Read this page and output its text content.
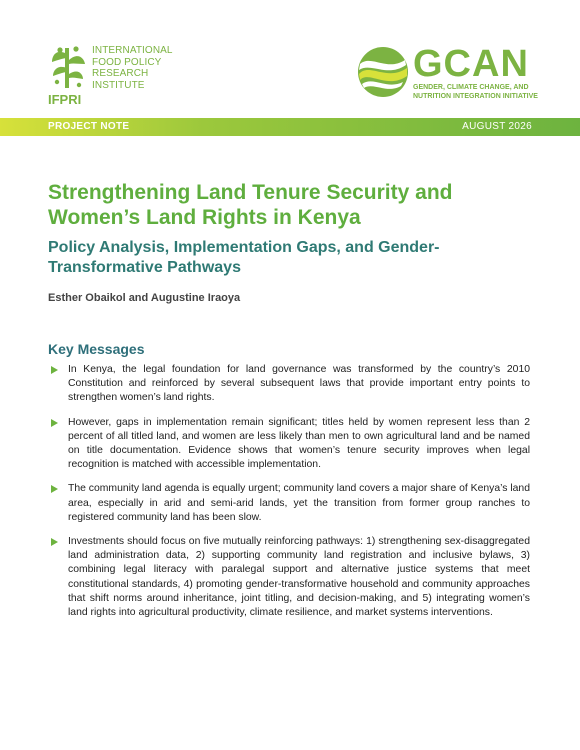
IFPRI
INTERNATIONAL
FOOD POLICY
RESEARCH
INSTITUTE
GCAN
GENDER, CLIMATE CHANGE, AND
NUTRITION INTEGRATION INITIATIVE
PROJECT NOTE	AUGUST 2026
Strengthening Land Tenure Security and Women’s Land Rights in Kenya
Policy Analysis, Implementation Gaps, and Gender-Transformative Pathways
Esther Obaikol and Augustine Iraoya
Key Messages
In Kenya, the legal foundation for land governance was transformed by the country’s 2010 Constitution and reinforced by several subsequent laws that provide important entry points to strengthen women’s land rights.
However, gaps in implementation remain significant; titles held by women represent less than 2 percent of all titled land, and women are less likely than men to own agricultural land and be named on title documentation. Evidence shows that women’s tenure security improves when legal recognition is matched with accessible implementation.
The community land agenda is equally urgent; community land covers a major share of Kenya’s land area, especially in arid and semi-arid lands, yet the transition from former group ranches to registered community land has been slow.
Investments should focus on five mutually reinforcing pathways: 1) strengthening sex-disaggregated land administration data, 2) supporting community land registration and inclusive bylaws, 3) combining legal literacy with paralegal support and alternative justice systems that meet constitutional standards, 4) promoting gender-transformative household and community approaches that shift norms around inheritance, joint titling, and decision-making, and 5) integrating women’s land rights into agricultural productivity, climate resilience, and market systems interventions.
